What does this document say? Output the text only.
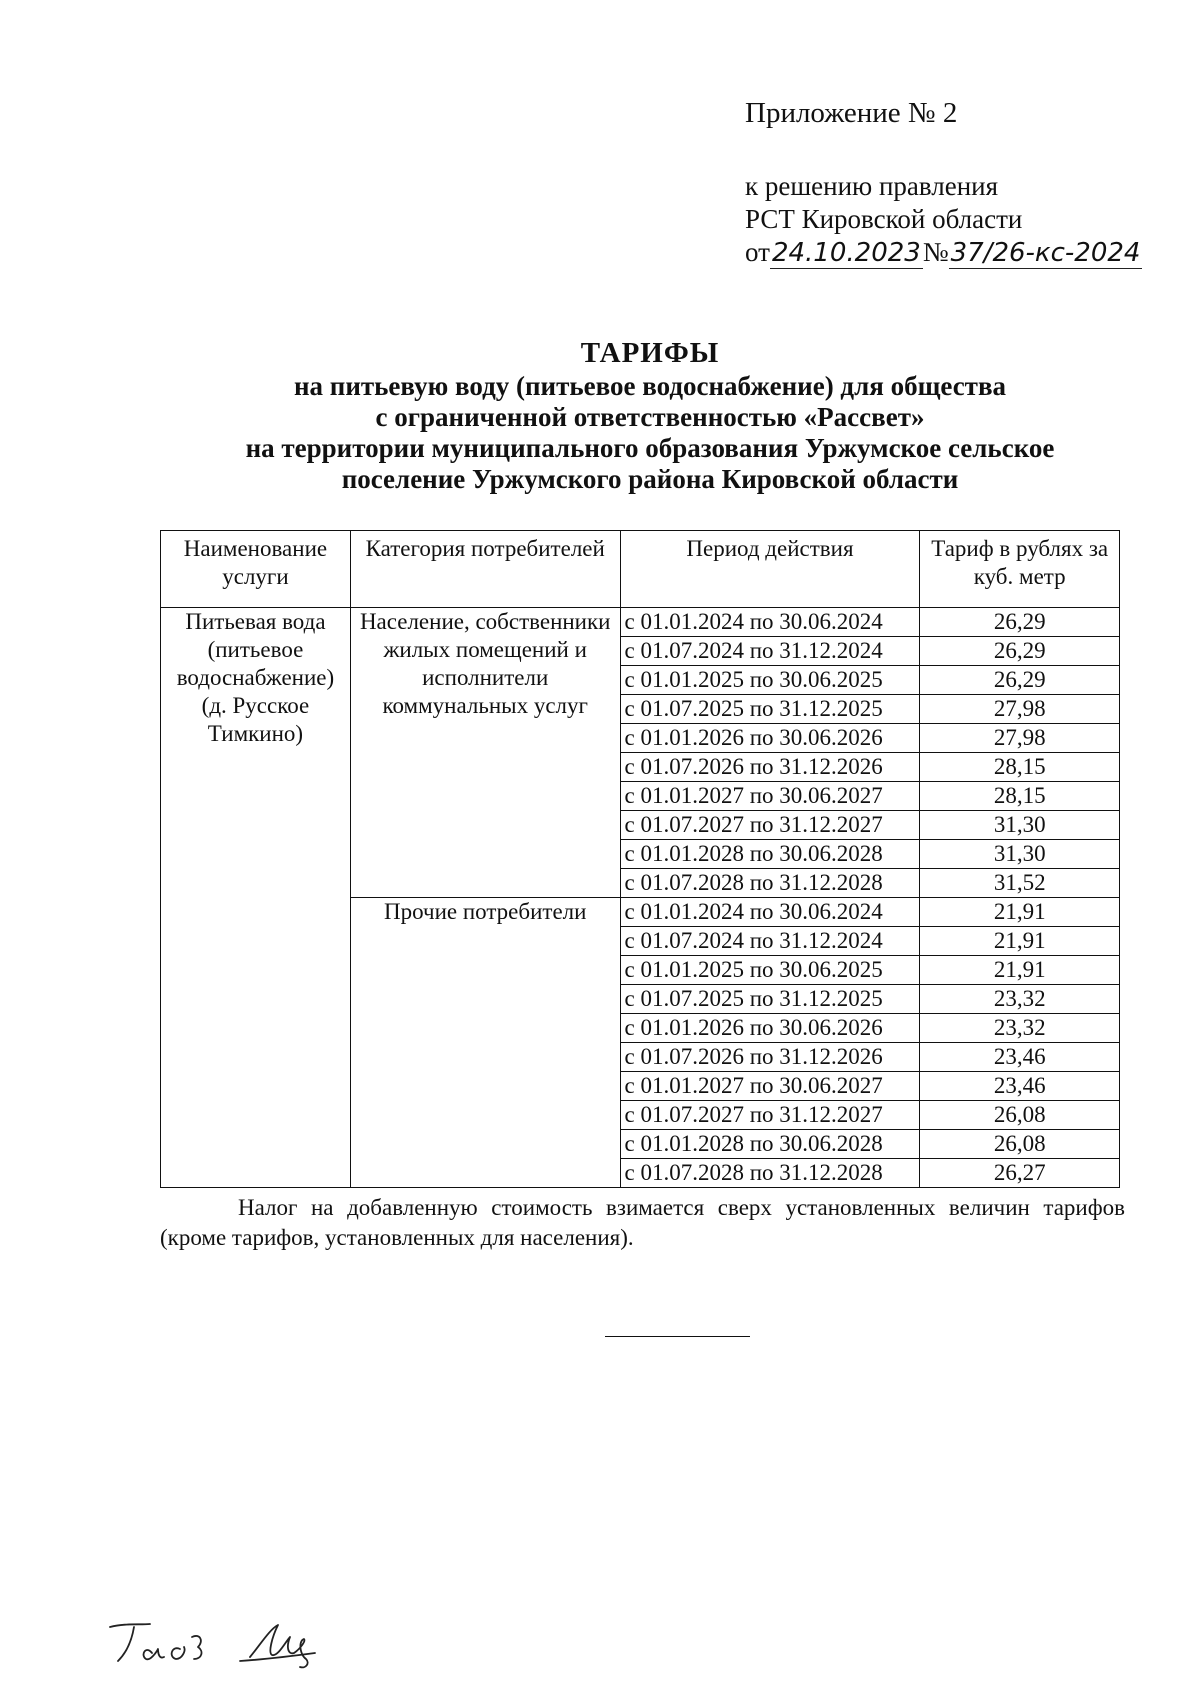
Приложение № 2
к решению правления
РСТ Кировской области
от24.10.2023№37/26-кс-2024
ТАРИФЫ
на питьевую воду (питьевое водоснабжение) для общества
с ограниченной ответственностью «Рассвет»
на территории муниципального образования Уржумское сельское
поселение Уржумского района Кировской области
Наименование услуги	Категория потребителей	Период действия	Тариф в рублях за куб. метр
Питьевая вода (питьевое водоснабжение) (д. Русское Тимкино)	Население, собственники жилых помещений и исполнители коммунальных услуг	с 01.01.2024 по 30.06.2024	26,29
		с 01.07.2024 по 31.12.2024	26,29
		с 01.01.2025 по 30.06.2025	26,29
		с 01.07.2025 по 31.12.2025	27,98
		с 01.01.2026 по 30.06.2026	27,98
		с 01.07.2026 по 31.12.2026	28,15
		с 01.01.2027 по 30.06.2027	28,15
		с 01.07.2027 по 31.12.2027	31,30
		с 01.01.2028 по 30.06.2028	31,30
		с 01.07.2028 по 31.12.2028	31,52
	Прочие потребители	с 01.01.2024 по 30.06.2024	21,91
		с 01.07.2024 по 31.12.2024	21,91
		с 01.01.2025 по 30.06.2025	21,91
		с 01.07.2025 по 31.12.2025	23,32
		с 01.01.2026 по 30.06.2026	23,32
		с 01.07.2026 по 31.12.2026	23,46
		с 01.01.2027 по 30.06.2027	23,46
		с 01.07.2027 по 31.12.2027	26,08
		с 01.01.2028 по 30.06.2028	26,08
		с 01.07.2028 по 31.12.2028	26,27
Налог на добавленную стоимость взимается сверх установленных величин тарифов (кроме тарифов, установленных для населения).
